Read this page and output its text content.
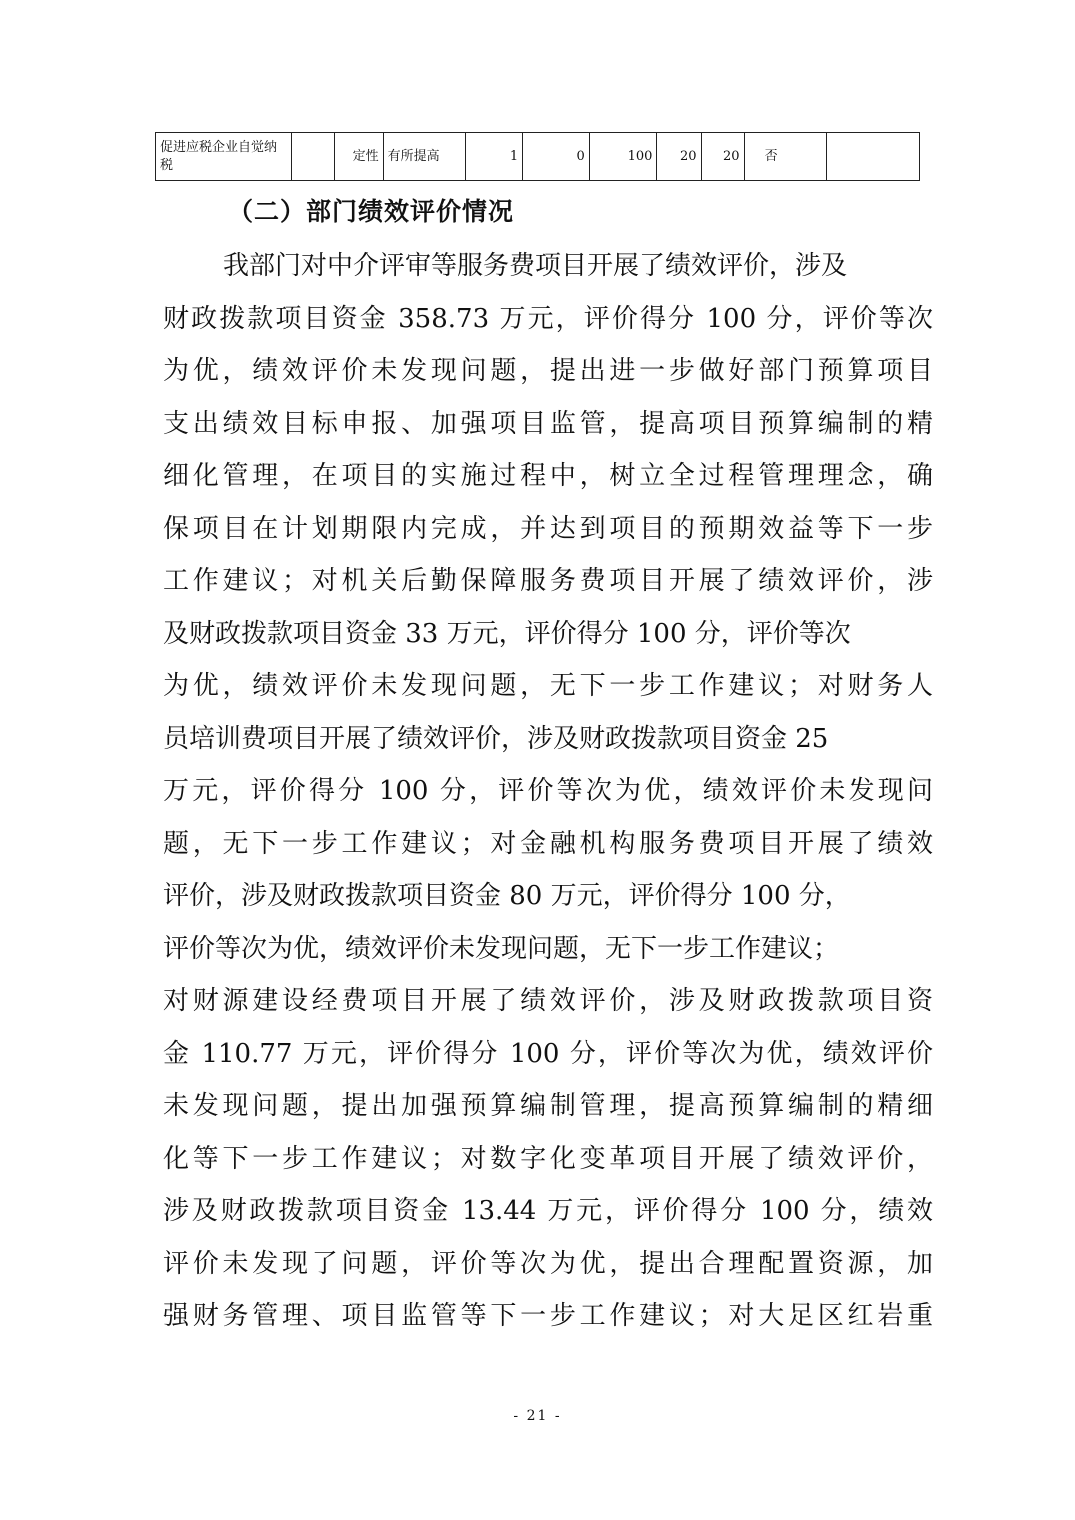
促进应税企业自觉纳税		定性	有所提高	1	0	100	20	20	否	
（二）部门绩效评价情况
我部门对中介评审等服务费项目开展了绩效评价，涉及
财政拨款项目资金 358.73 万元，评价得分 100 分，评价等次
为优，绩效评价未发现问题，提出进一步做好部门预算项目
支出绩效目标申报、加强项目监管，提高项目预算编制的精
细化管理，在项目的实施过程中，树立全过程管理理念，确
保项目在计划期限内完成，并达到项目的预期效益等下一步
工作建议；对机关后勤保障服务费项目开展了绩效评价，涉
及财政拨款项目资金 33 万元，评价得分 100 分，评价等次
为优，绩效评价未发现问题，无下一步工作建议；对财务人
员培训费项目开展了绩效评价，涉及财政拨款项目资金 25
万元，评价得分 100 分，评价等次为优，绩效评价未发现问
题，无下一步工作建议；对金融机构服务费项目开展了绩效
评价，涉及财政拨款项目资金 80 万元，评价得分 100 分，
评价等次为优，绩效评价未发现问题，无下一步工作建议；
对财源建设经费项目开展了绩效评价，涉及财政拨款项目资
金 110.77 万元，评价得分 100 分，评价等次为优，绩效评价
未发现问题，提出加强预算编制管理，提高预算编制的精细
化等下一步工作建议；对数字化变革项目开展了绩效评价，
涉及财政拨款项目资金 13.44 万元，评价得分 100 分，绩效
评价未发现了问题，评价等次为优，提出合理配置资源，加
强财务管理、项目监管等下一步工作建议；对大足区红岩重
- 21 -
